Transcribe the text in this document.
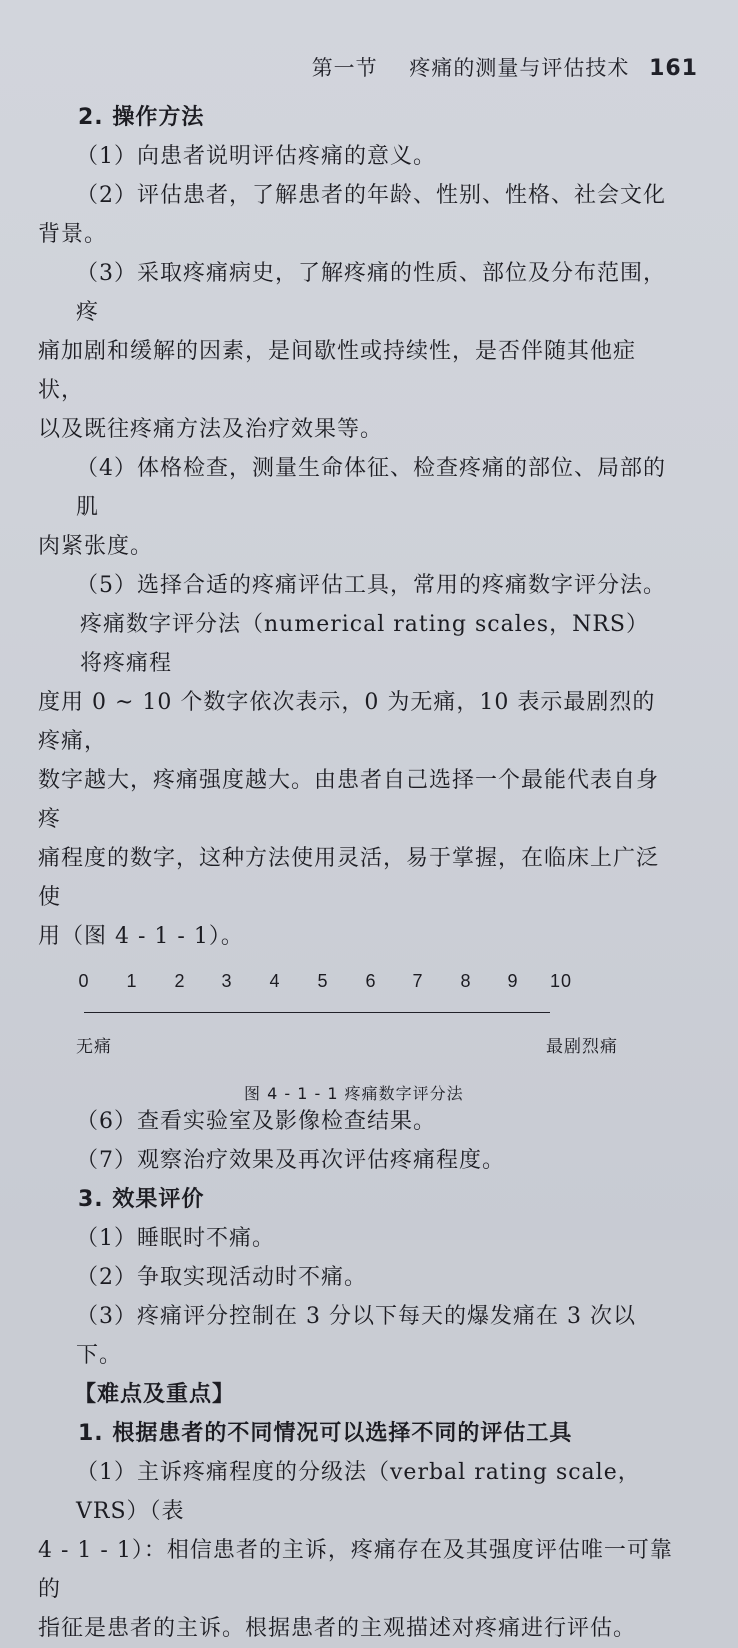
第一节 疼痛的测量与评估技术 161

2. 操作方法

（1）向患者说明评估疼痛的意义。

（2）评估患者，了解患者的年龄、性别、性格、社会文化

背景。

（3）采取疼痛病史，了解疼痛的性质、部位及分布范围，疼

痛加剧和缓解的因素，是间歇性或持续性，是否伴随其他症状，

以及既往疼痛方法及治疗效果等。

（4）体格检查，测量生命体征、检查疼痛的部位、局部的肌

肉紧张度。

（5）选择合适的疼痛评估工具，常用的疼痛数字评分法。

疼痛数字评分法（numerical rating scales，NRS） 将疼痛程

度用 0 ~ 10 个数字依次表示，0 为无痛，10 表示最剧烈的疼痛，

数字越大，疼痛强度越大。由患者自己选择一个最能代表自身疼

痛程度的数字，这种方法使用灵活，易于掌握，在临床上广泛使

用（图 4 - 1 - 1）。

0 1 2 3 4 5 6 7 8 9 10
无痛	最剧烈痛
图 4 - 1 - 1 疼痛数字评分法

（6）查看实验室及影像检查结果。

（7）观察治疗效果及再次评估疼痛程度。

3. 效果评价

（1）睡眠时不痛。

（2）争取实现活动时不痛。

（3）疼痛评分控制在 3 分以下每天的爆发痛在 3 次以下。

【难点及重点】

1. 根据患者的不同情况可以选择不同的评估工具

（1）主诉疼痛程度的分级法（verbal rating scale，VRS）（表

4 - 1 - 1）：相信患者的主诉，疼痛存在及其强度评估唯一可靠的

指征是患者的主诉。根据患者的主观描述对疼痛进行评估。
